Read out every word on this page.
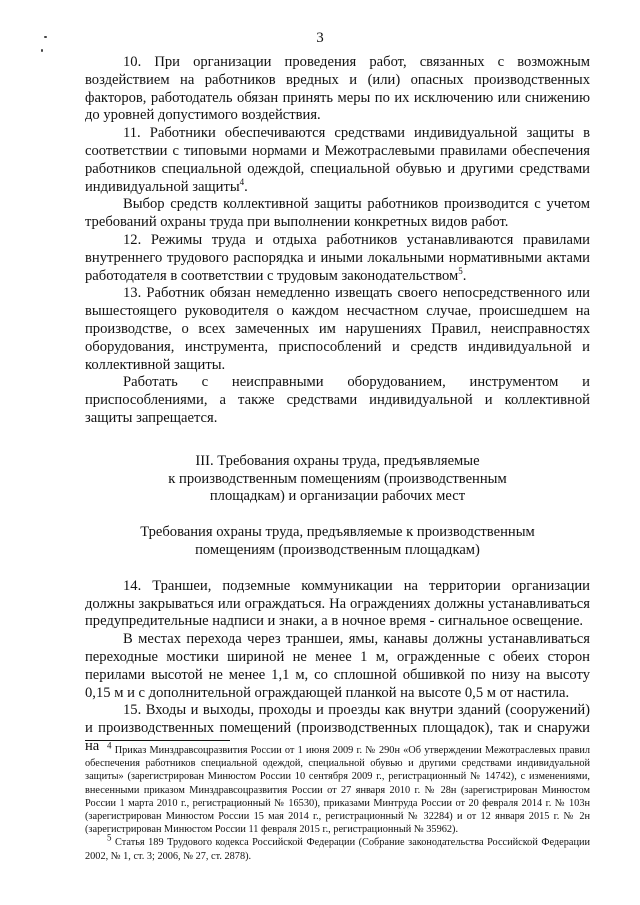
3

10. При организации проведения работ, связанных с возможным воздействием на работников вредных и (или) опасных производственных факторов, работодатель обязан принять меры по их исключению или снижению до уровней допустимого воздействия.

11. Работники обеспечиваются средствами индивидуальной защиты в соответствии с типовыми нормами и Межотраслевыми правилами обеспечения работников специальной одеждой, специальной обувью и другими средствами индивидуальной защиты$^4$.

Выбор средств коллективной защиты работников производится с учетом требований охраны труда при выполнении конкретных видов работ.

12. Режимы труда и отдыха работников устанавливаются правилами внутреннего трудового распорядка и иными локальными нормативными актами работодателя в соответствии с трудовым законодательством$^5$.

13. Работник обязан немедленно извещать своего непосредственного или вышестоящего руководителя о каждом несчастном случае, происшедшем на производстве, о всех замеченных им нарушениях Правил, неисправностях оборудования, инструмента, приспособлений и средств индивидуальной и коллективной защиты.

Работать с неисправными оборудованием, инструментом и приспособлениями, а также средствами индивидуальной и коллективной защиты запрещается.

III. Требования охраны труда, предъявляемые
к производственным помещениям (производственным
площадкам) и организации рабочих мест
Требования охраны труда, предъявляемые к производственным
помещениям (производственным площадкам)

14. Траншеи, подземные коммуникации на территории организации должны закрываться или ограждаться. На ограждениях должны устанавливаться предупредительные надписи и знаки, а в ночное время - сигнальное освещение.

В местах перехода через траншеи, ямы, канавы должны устанавливаться переходные мостики шириной не менее 1 м, огражденные с обеих сторон перилами высотой не менее 1,1 м, со сплошной обшивкой по низу на высоту 0,15 м и с дополнительной ограждающей планкой на высоте 0,5 м от настила.

15. Входы и выходы, проходы и проезды как внутри зданий (сооружений) и производственных помещений (производственных площадок), так и снаружи на $^4$ Приказ Минздравсоцразвития России от 1 июня 2009 г. № 290н «Об утверждении Межотраслевых правил обеспечения работников специальной одеждой, специальной обувью и другими средствами индивидуальной защиты» (зарегистрирован Минюстом России 10 сентября 2009 г., регистрационный № 14742), с изменениями, внесенными приказом Минздравсоцразвития России от 27 января 2010 г. № 28н (зарегистрирован Минюстом России 1 марта 2010 г., регистрационный № 16530), приказами Минтруда России от 20 февраля 2014 г. № 103н (зарегистрирован Минюстом России 15 мая 2014 г., регистрационный № 32284) и от 12 января 2015 г. № 2н (зарегистрирован Минюстом России 11 февраля 2015 г., регистрационный № 35962).

$^5$ Статья 189 Трудового кодекса Российской Федерации (Собрание законодательства Российской Федерации 2002, № 1, ст. 3; 2006, № 27, ст. 2878).
